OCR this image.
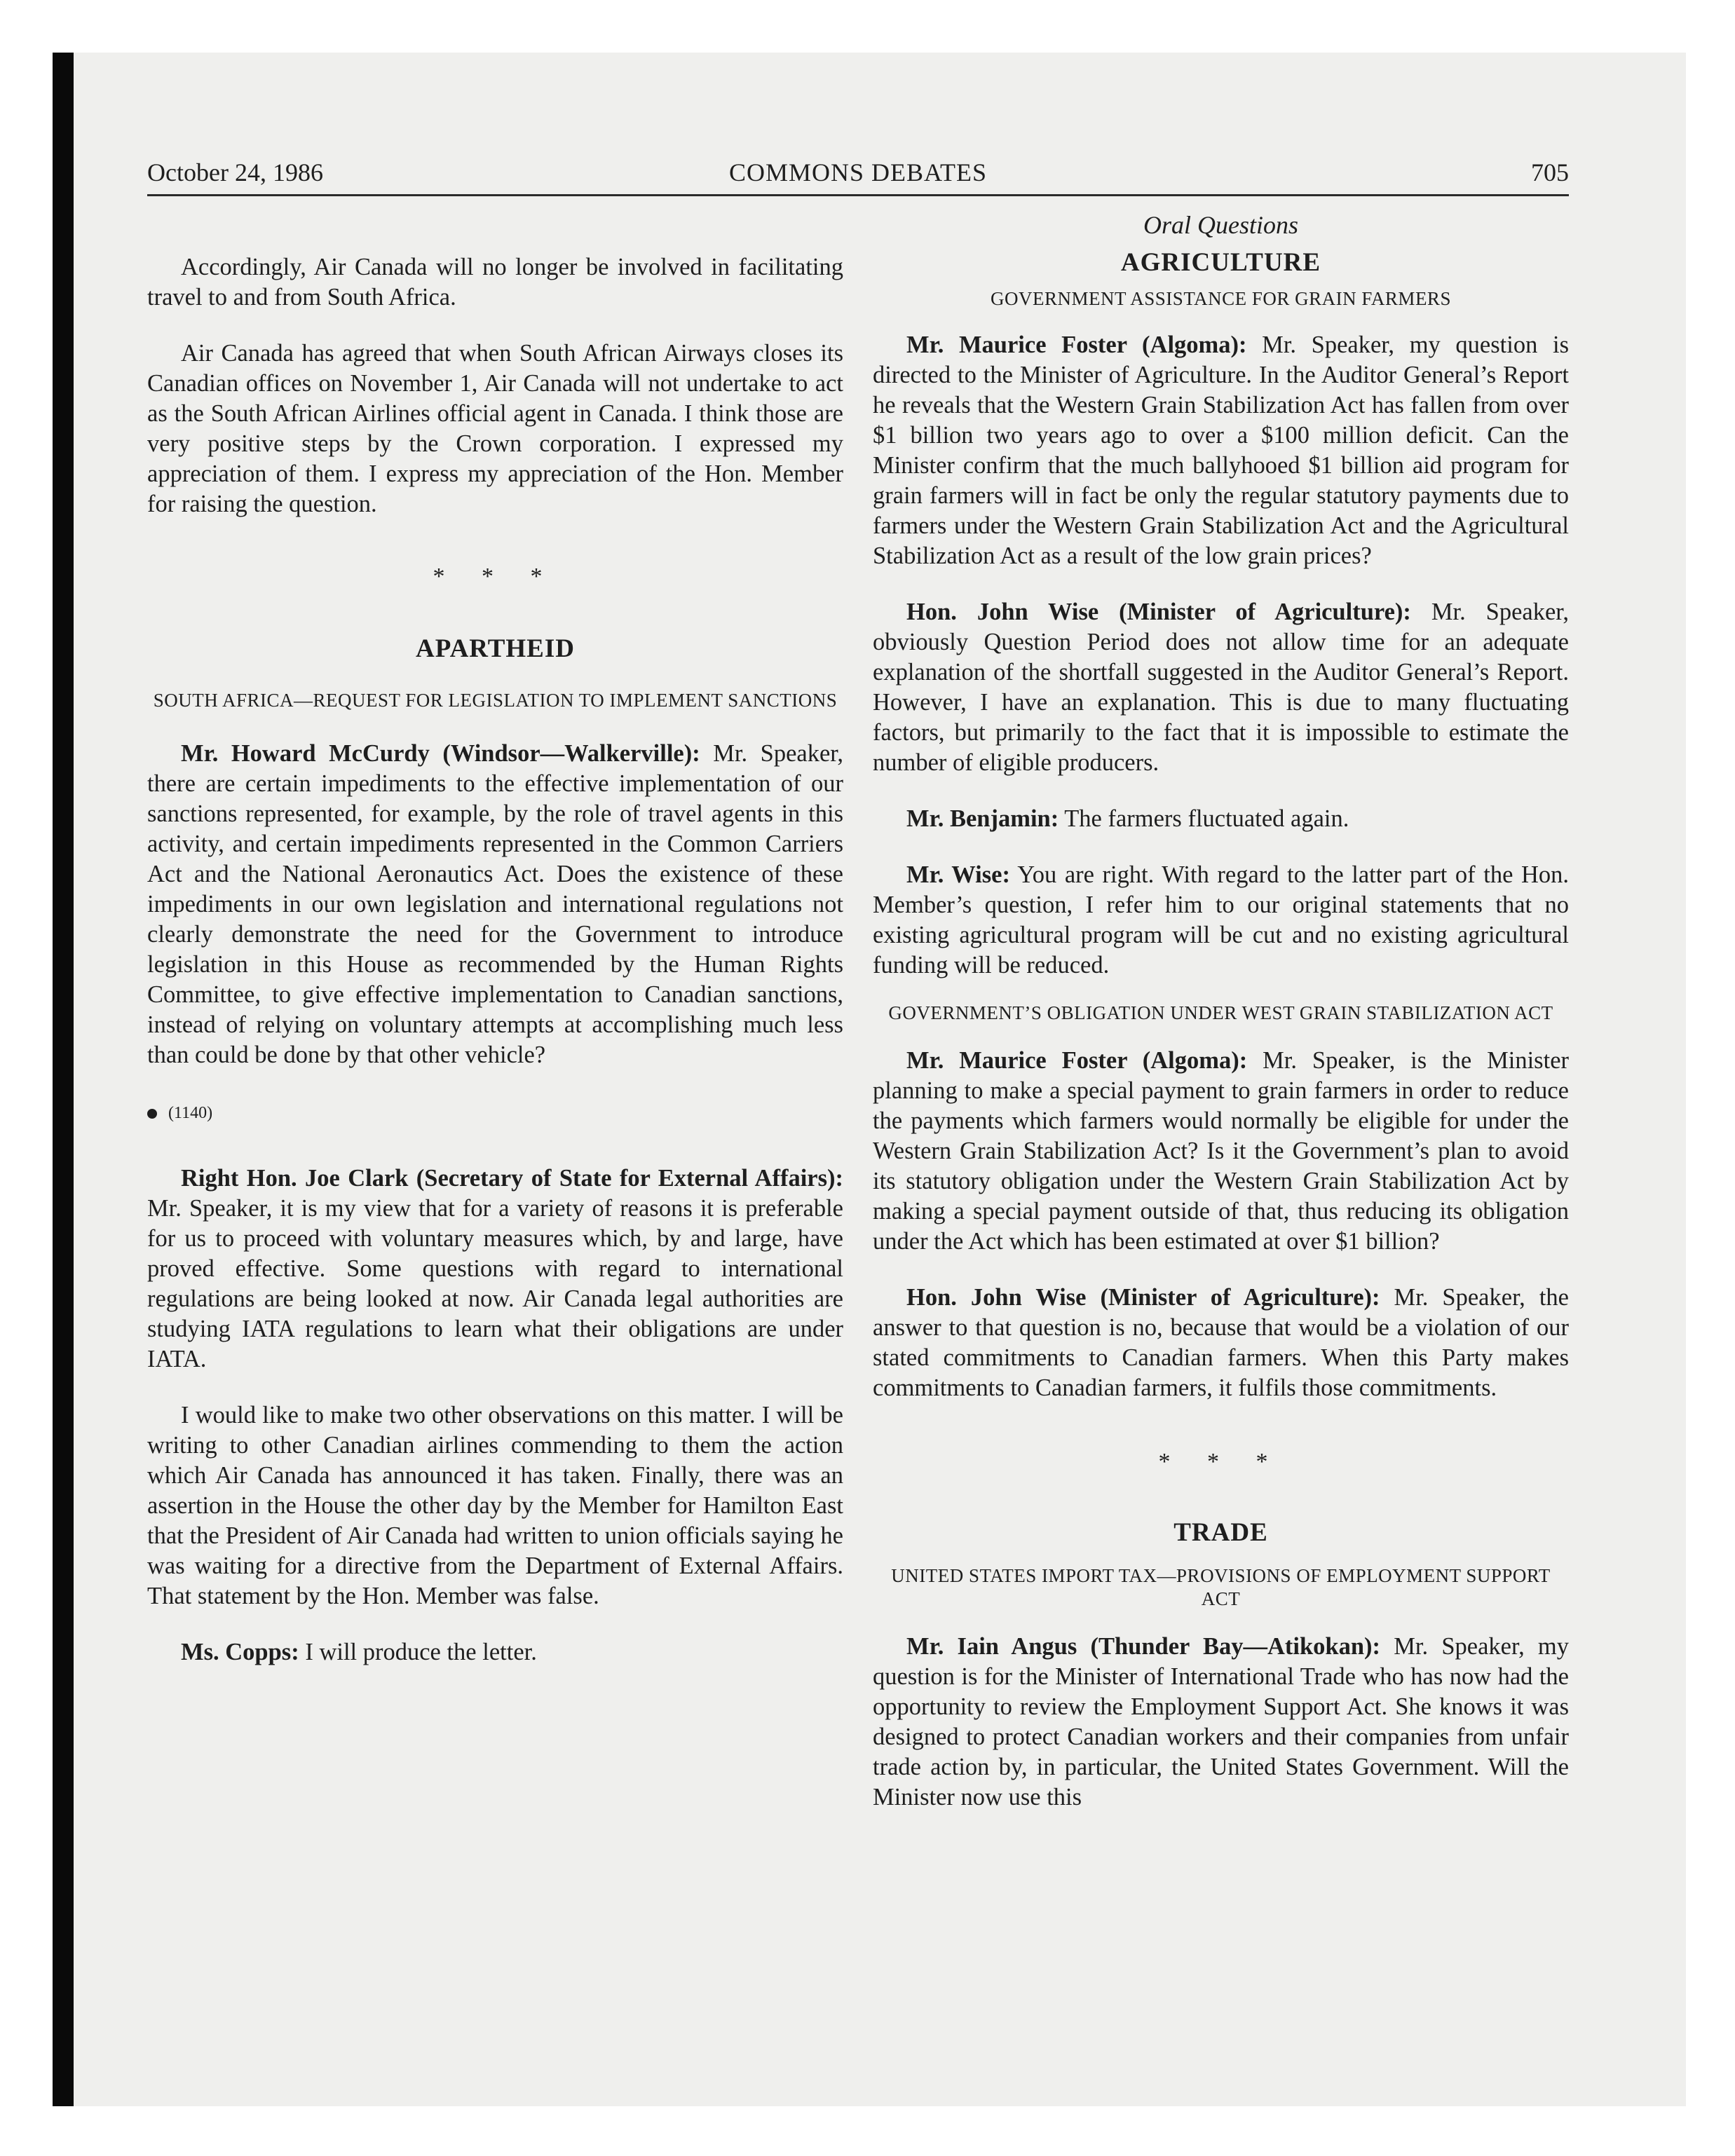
October 24, 1986	COMMONS DEBATES	705

Accordingly, Air Canada will no longer be involved in facilitating travel to and from South Africa.

Air Canada has agreed that when South African Airways closes its Canadian offices on November 1, Air Canada will not undertake to act as the South African Airlines official agent in Canada. I think those are very positive steps by the Crown corporation. I expressed my appreciation of them. I express my appreciation of the Hon. Member for raising the question.

* * *
APARTHEID
SOUTH AFRICA—REQUEST FOR LEGISLATION TO IMPLEMENT SANCTIONS

Mr. Howard McCurdy (Windsor—Walkerville): Mr. Speaker, there are certain impediments to the effective implementation of our sanctions represented, for example, by the role of travel agents in this activity, and certain impediments represented in the Common Carriers Act and the National Aeronautics Act. Does the existence of these impediments in our own legislation and international regulations not clearly demonstrate the need for the Government to introduce legislation in this House as recommended by the Human Rights Committee, to give effective implementation to Canadian sanctions, instead of relying on voluntary attempts at accomplishing much less than could be done by that other vehicle?

(1140)

Right Hon. Joe Clark (Secretary of State for External Affairs): Mr. Speaker, it is my view that for a variety of reasons it is preferable for us to proceed with voluntary measures which, by and large, have proved effective. Some questions with regard to international regulations are being looked at now. Air Canada legal authorities are studying IATA regulations to learn what their obligations are under IATA.

I would like to make two other observations on this matter. I will be writing to other Canadian airlines commending to them the action which Air Canada has announced it has taken. Finally, there was an assertion in the House the other day by the Member for Hamilton East that the President of Air Canada had written to union officials saying he was waiting for a directive from the Department of External Affairs. That statement by the Hon. Member was false.

Ms. Copps: I will produce the letter.

Oral Questions
AGRICULTURE
GOVERNMENT ASSISTANCE FOR GRAIN FARMERS

Mr. Maurice Foster (Algoma): Mr. Speaker, my question is directed to the Minister of Agriculture. In the Auditor General’s Report he reveals that the Western Grain Stabilization Act has fallen from over $1 billion two years ago to over a $100 million deficit. Can the Minister confirm that the much ballyhooed $1 billion aid program for grain farmers will in fact be only the regular statutory payments due to farmers under the Western Grain Stabilization Act and the Agricultural Stabilization Act as a result of the low grain prices?

Hon. John Wise (Minister of Agriculture): Mr. Speaker, obviously Question Period does not allow time for an adequate explanation of the shortfall suggested in the Auditor General’s Report. However, I have an explanation. This is due to many fluctuating factors, but primarily to the fact that it is impossible to estimate the number of eligible producers.

Mr. Benjamin: The farmers fluctuated again.

Mr. Wise: You are right. With regard to the latter part of the Hon. Member’s question, I refer him to our original statements that no existing agricultural program will be cut and no existing agricultural funding will be reduced.

GOVERNMENT’S OBLIGATION UNDER WEST GRAIN STABILIZATION ACT

Mr. Maurice Foster (Algoma): Mr. Speaker, is the Minister planning to make a special payment to grain farmers in order to reduce the payments which farmers would normally be eligible for under the Western Grain Stabilization Act? Is it the Government’s plan to avoid its statutory obligation under the Western Grain Stabilization Act by making a special payment outside of that, thus reducing its obligation under the Act which has been estimated at over $1 billion?

Hon. John Wise (Minister of Agriculture): Mr. Speaker, the answer to that question is no, because that would be a violation of our stated commitments to Canadian farmers. When this Party makes commitments to Canadian farmers, it fulfils those commitments.

* * *
TRADE
UNITED STATES IMPORT TAX—PROVISIONS OF EMPLOYMENT SUPPORT ACT

Mr. Iain Angus (Thunder Bay—Atikokan): Mr. Speaker, my question is for the Minister of International Trade who has now had the opportunity to review the Employment Support Act. She knows it was designed to protect Canadian workers and their companies from unfair trade action by, in particular, the United States Government. Will the Minister now use this
